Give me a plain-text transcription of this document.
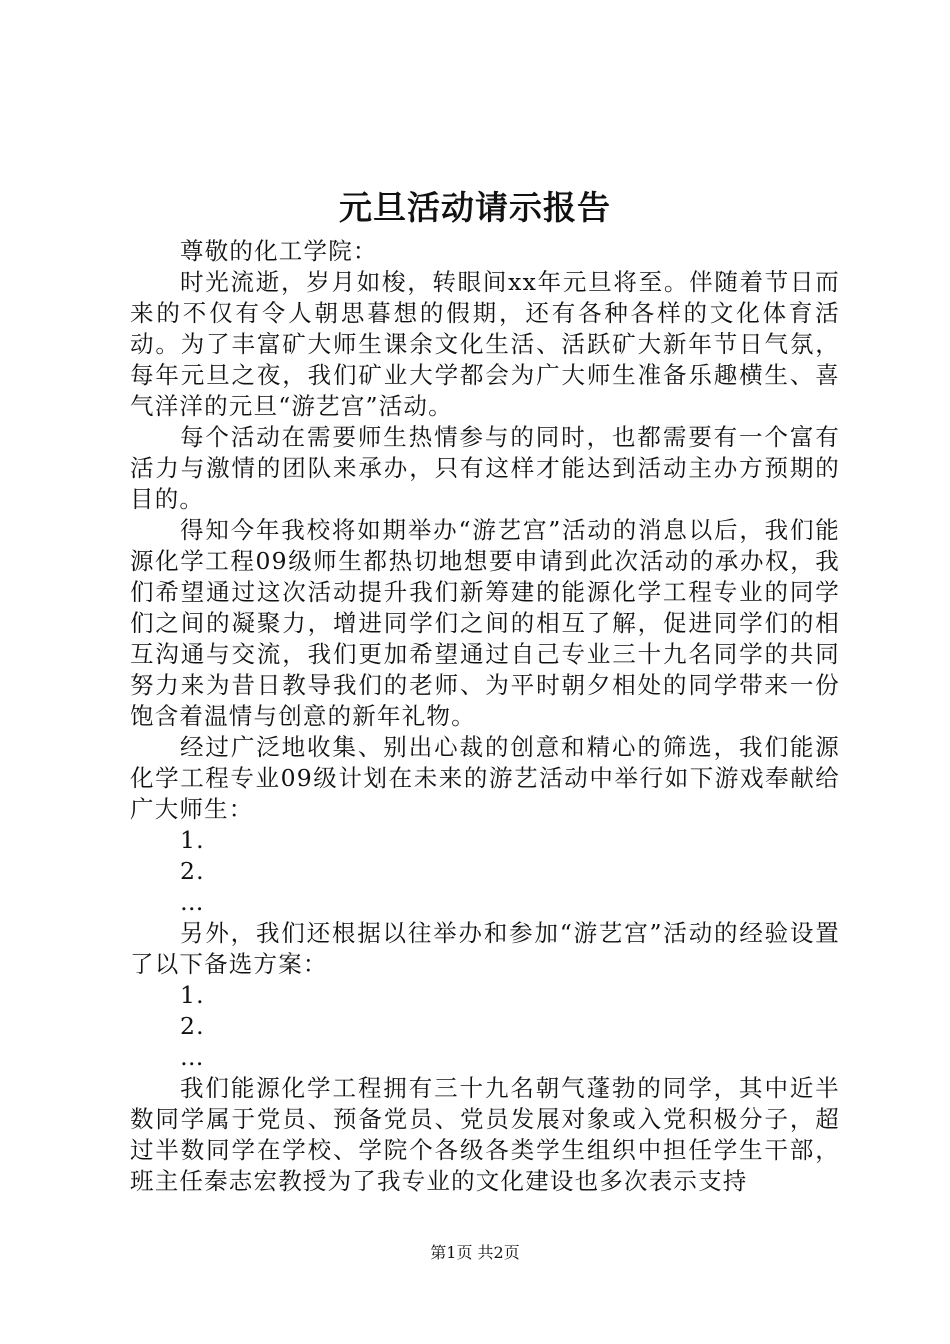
元旦活动请示报告

尊敬的化工学院：

时光流逝，岁月如梭，转眼间xx年元旦将至。伴随着节日而来的不仅有令人朝思暮想的假期，还有各种各样的文化体育活动。为了丰富矿大师生课余文化生活、活跃矿大新年节日气氛，每年元旦之夜，我们矿业大学都会为广大师生准备乐趣横生、喜气洋洋的元旦“游艺宫”活动。

每个活动在需要师生热情参与的同时，也都需要有一个富有活力与激情的团队来承办，只有这样才能达到活动主办方预期的目的。

得知今年我校将如期举办“游艺宫”活动的消息以后，我们能源化学工程09级师生都热切地想要申请到此次活动的承办权，我们希望通过这次活动提升我们新筹建的能源化学工程专业的同学们之间的凝聚力，增进同学们之间的相互了解，促进同学们的相互沟通与交流，我们更加希望通过自己专业三十九名同学的共同努力来为昔日教导我们的老师、为平时朝夕相处的同学带来一份饱含着温情与创意的新年礼物。

经过广泛地收集、别出心裁的创意和精心的筛选，我们能源化学工程专业09级计划在未来的游艺活动中举行如下游戏奉献给广大师生：

1.
2.
…

另外，我们还根据以往举办和参加“游艺宫”活动的经验设置了以下备选方案：

1.
2.
…

我们能源化学工程拥有三十九名朝气蓬勃的同学，其中近半数同学属于党员、预备党员、党员发展对象或入党积极分子，超过半数同学在学校、学院个各级各类学生组织中担任学生干部，班主任秦志宏教授为了我专业的文化建设也多次表示支持

第1页 共2页
